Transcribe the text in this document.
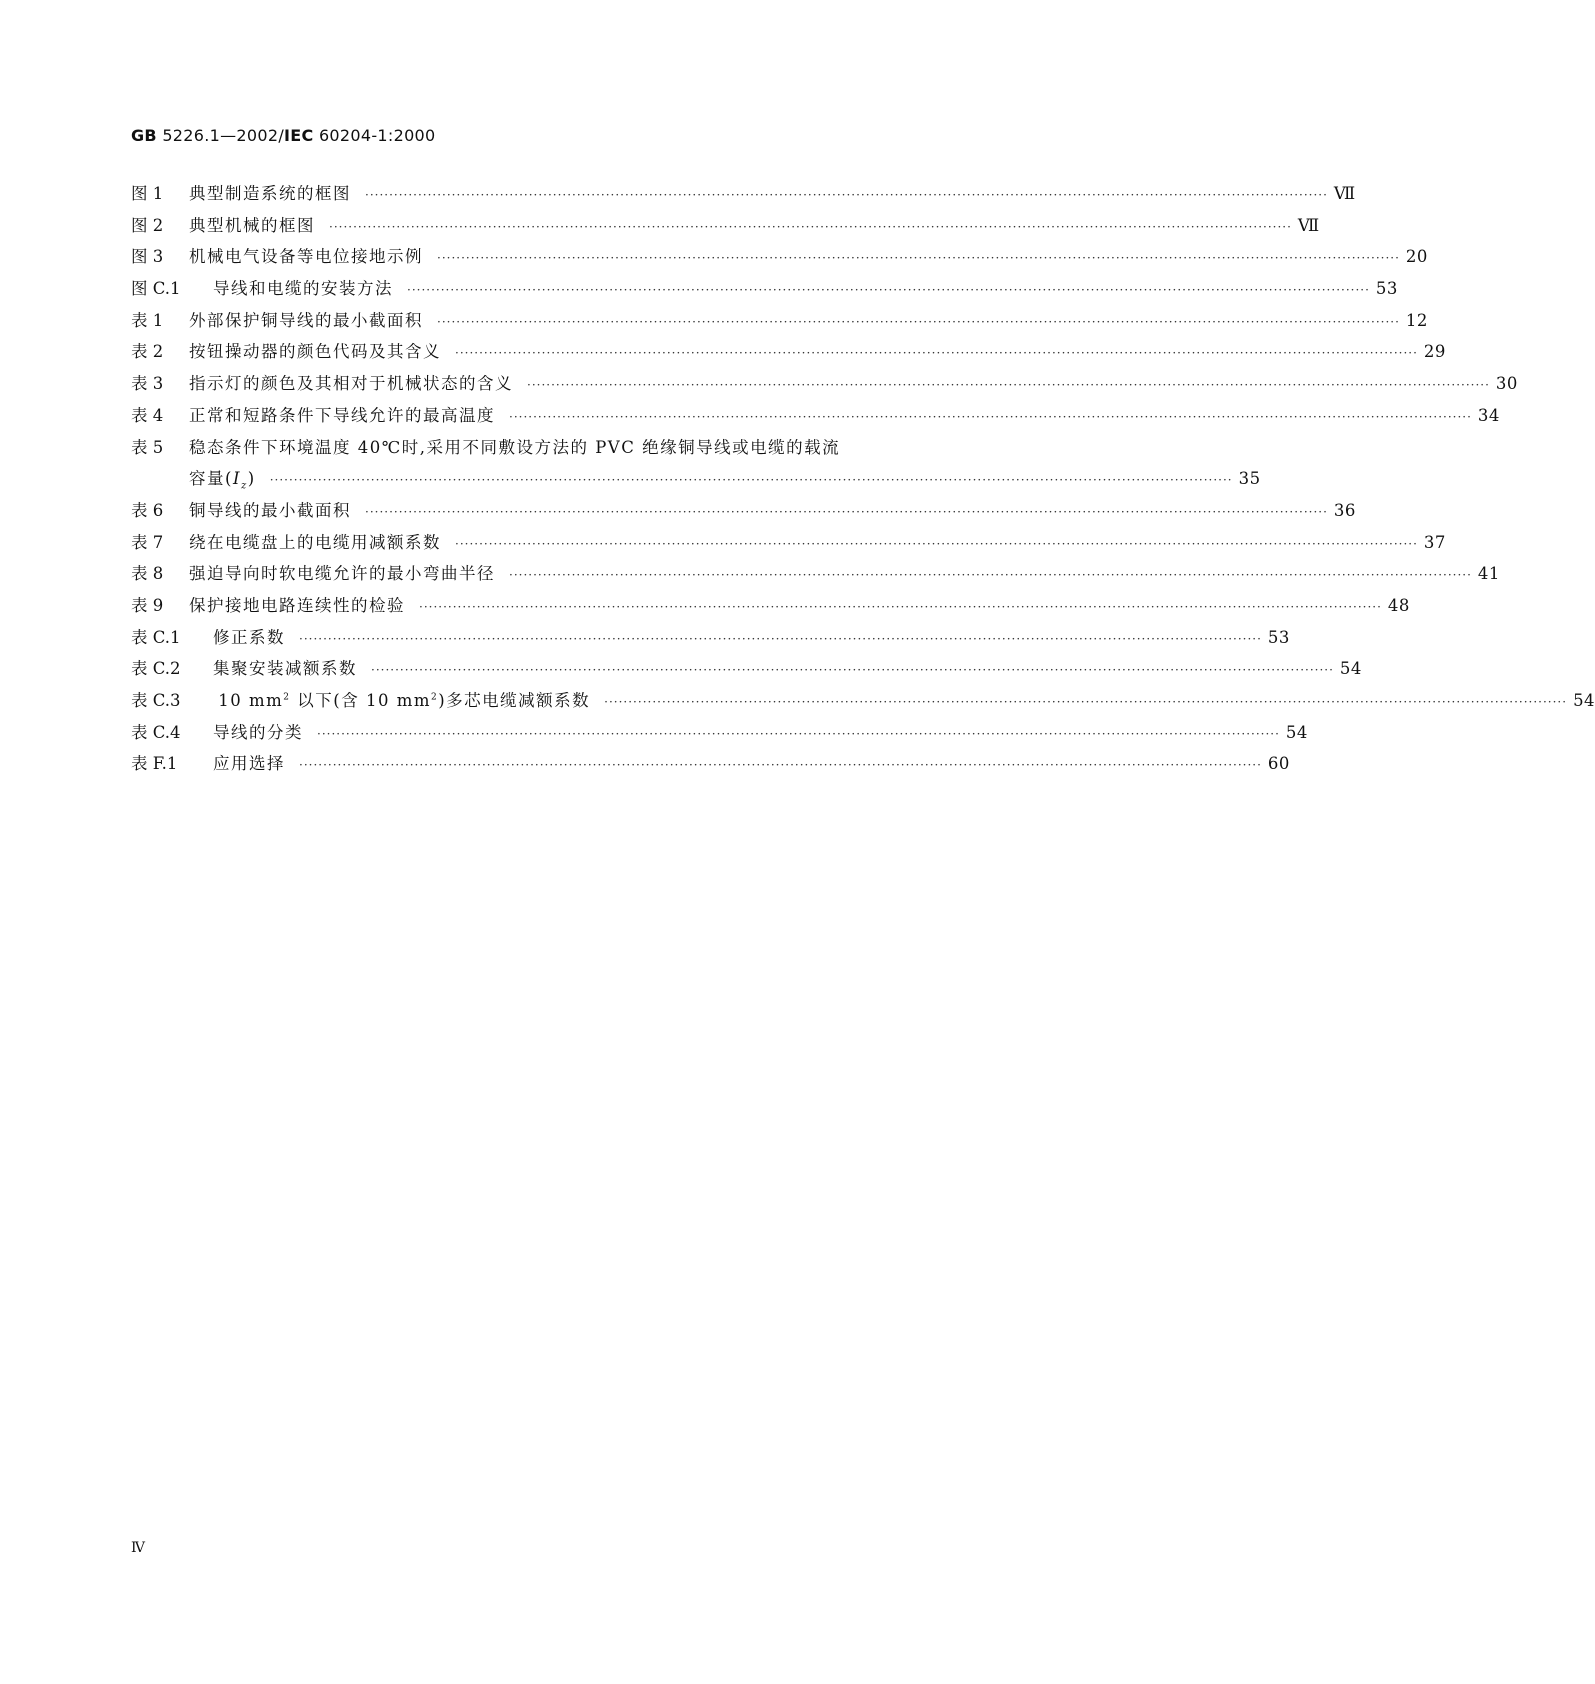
GB 5226.1—2002/IEC 60204-1:2000
图 1 典型制造系统的框图 ········································································································································································································ Ⅶ
图 2 典型机械的框图 ········································································································································································································ Ⅶ
图 3 机械电气设备等电位接地示例 ········································································································································································································ 20
图 C.1 导线和电缆的安装方法 ········································································································································································································ 53
表 1 外部保护铜导线的最小截面积 ········································································································································································································ 12
表 2 按钮操动器的颜色代码及其含义 ········································································································································································································ 29
表 3 指示灯的颜色及其相对于机械状态的含义 ········································································································································································································ 30
表 4 正常和短路条件下导线允许的最高温度 ········································································································································································································ 34
表 5	稳态条件下环境温度 40℃时,采用不同敷设方法的 PVC 绝缘铜导线或电缆的载流
容量$(I_z)$ ········································································································································································································ 35
表 6 铜导线的最小截面积 ········································································································································································································ 36
表 7 绕在电缆盘上的电缆用减额系数 ········································································································································································································ 37
表 8 强迫导向时软电缆允许的最小弯曲半径 ········································································································································································································ 41
表 9 保护接地电路连续性的检验 ········································································································································································································ 48
表 C.1 修正系数 ········································································································································································································ 53
表 C.2 集聚安装减额系数 ········································································································································································································ 54
表 C.3 10 $mm^2$ 以下(含 10 $mm^2$)多芯电缆减额系数 ········································································································································································································ 54
表 C.4 导线的分类 ········································································································································································································ 54
表 F.1 应用选择 ········································································································································································································ 60
Ⅳ
